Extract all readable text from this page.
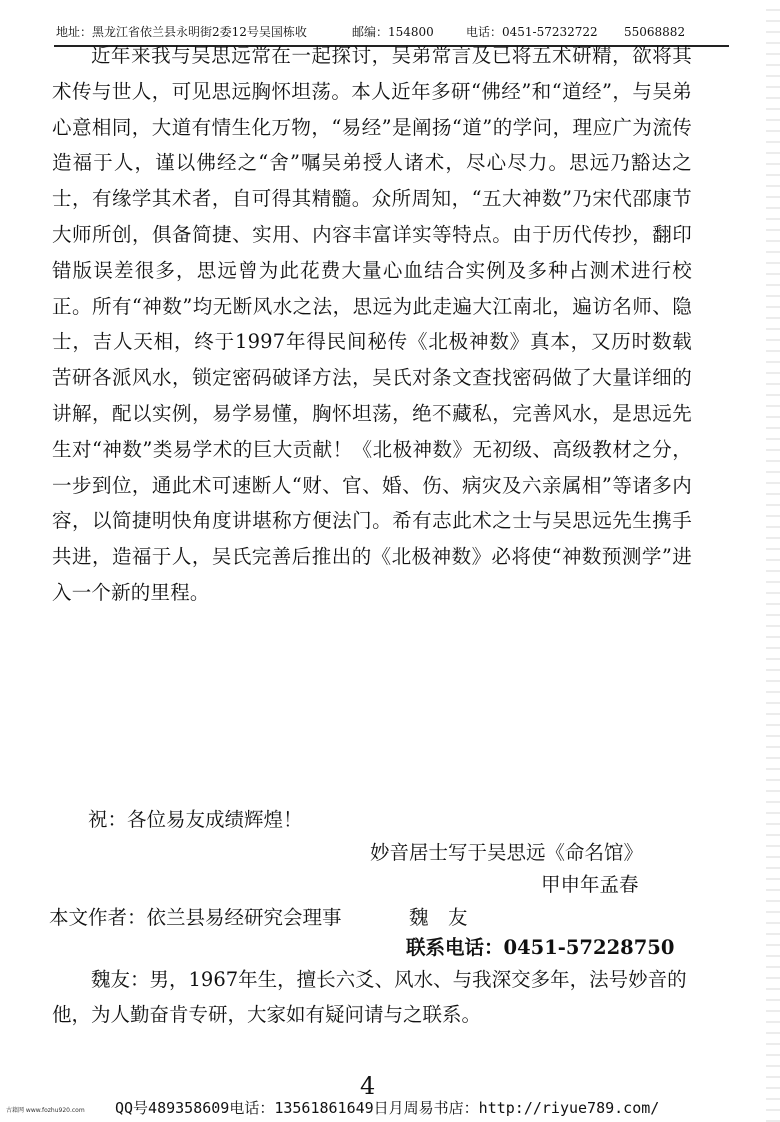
地址：黑龙江省依兰县永明街2委12号吴国栋收	邮编：154800	电话：0451-57232722 55068882
近年来我与吴思远常在一起探讨，吴弟常言及已将五术研精，欲将其术传与世人，可见思远胸怀坦荡。本人近年多研“佛经”和“道经”，与吴弟心意相同，大道有情生化万物，“易经”是阐扬“道”的学问，理应广为流传造福于人，谨以佛经之“舍”嘱吴弟授人诸术，尽心尽力。思远乃豁达之士，有缘学其术者，自可得其精髓。众所周知，“五大神数”乃宋代邵康节大师所创，俱备简捷、实用、内容丰富详实等特点。由于历代传抄，翻印错版误差很多，思远曾为此花费大量心血结合实例及多种占测术进行校正。所有“神数”均无断风水之法，思远为此走遍大江南北，遍访名师、隐士，吉人天相，终于1997年得民间秘传《北极神数》真本，又历时数载苦研各派风水，锁定密码破译方法，吴氏对条文查找密码做了大量详细的讲解，配以实例，易学易懂，胸怀坦荡，绝不藏私，完善风水，是思远先生对“神数”类易学术的巨大贡献！《北极神数》无初级、高级教材之分，一步到位，通此术可速断人“财、官、婚、伤、病灾及六亲属相”等诸多内容，以简捷明快角度讲堪称方便法门。希有志此术之士与吴思远先生携手共进，造福于人，吴氏完善后推出的《北极神数》必将使“神数预测学”进入一个新的里程。
祝：各位易友成绩辉煌！
妙音居士写于吴思远《命名馆》
甲申年孟春
本文作者：依兰县易经研究会理事	魏　友
联系电话：0451-57228750

魏友：男，1967年生，擅长六爻、风水、与我深交多年，法号妙音的他，为人勤奋肯专研，大家如有疑问请与之联系。

4
古籍网 www.fozhu920.com QQ号489358609电话：13561861649日月周易书店：http://riyue789.com/
